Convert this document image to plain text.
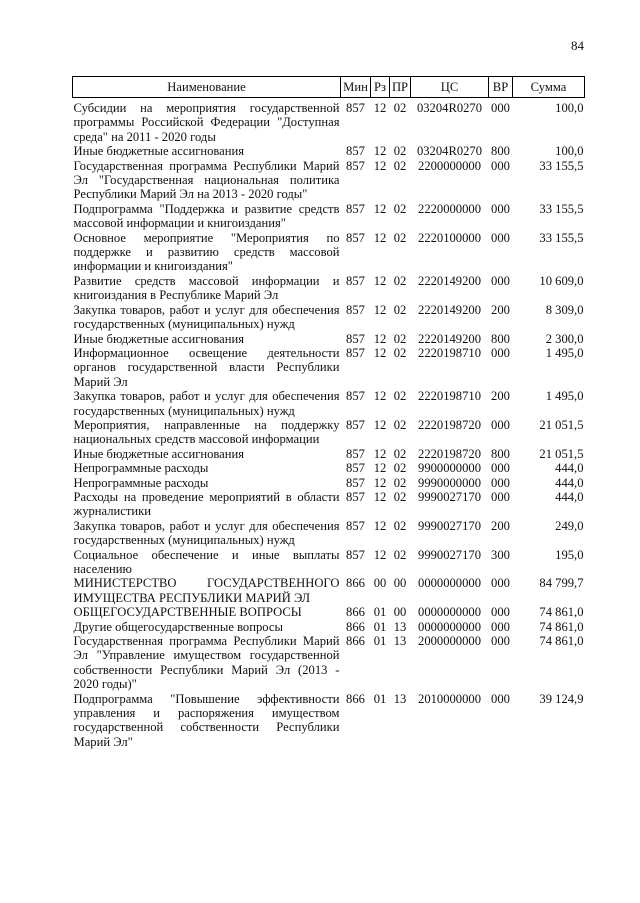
84
Наименование	Мин	Рз	ПР	ЦС	ВР	Сумма
Субсидии на мероприятия государственной программы Российской Федерации "Доступная среда" на 2011 - 2020 годы	857	12	02	03204R0270	000	100,0
Иные бюджетные ассигнования	857	12	02	03204R0270	800	100,0
Государственная программа Республики Марий Эл "Государственная национальная политика Республики Марий Эл на 2013 - 2020 годы"	857	12	02	2200000000	000	33 155,5
Подпрограмма "Поддержка и развитие средств массовой информации и книгоиздания"	857	12	02	2220000000	000	33 155,5
Основное мероприятие "Мероприятия по поддержке и развитию средств массовой информации и книгоиздания"	857	12	02	2220100000	000	33 155,5
Развитие средств массовой информации и книгоиздания в Республике Марий Эл	857	12	02	2220149200	000	10 609,0
Закупка товаров, работ и услуг для обеспечения государственных (муниципальных) нужд	857	12	02	2220149200	200	8 309,0
Иные бюджетные ассигнования	857	12	02	2220149200	800	2 300,0
Информационное освещение деятельности органов государственной власти Республики Марий Эл	857	12	02	2220198710	000	1 495,0
Закупка товаров, работ и услуг для обеспечения государственных (муниципальных) нужд	857	12	02	2220198710	200	1 495,0
Мероприятия, направленные на поддержку национальных средств массовой информации	857	12	02	2220198720	000	21 051,5
Иные бюджетные ассигнования	857	12	02	2220198720	800	21 051,5
Непрограммные расходы	857	12	02	9900000000	000	444,0
Непрограммные расходы	857	12	02	9990000000	000	444,0
Расходы на проведение мероприятий в области журналистики	857	12	02	9990027170	000	444,0
Закупка товаров, работ и услуг для обеспечения государственных (муниципальных) нужд	857	12	02	9990027170	200	249,0
Социальное обеспечение и иные выплаты населению	857	12	02	9990027170	300	195,0
МИНИСТЕРСТВО ГОСУДАРСТВЕННОГО ИМУЩЕСТВА РЕСПУБЛИКИ МАРИЙ ЭЛ	866	00	00	0000000000	000	84 799,7
ОБЩЕГОСУДАРСТВЕННЫЕ ВОПРОСЫ	866	01	00	0000000000	000	74 861,0
Другие общегосударственные вопросы	866	01	13	0000000000	000	74 861,0
Государственная программа Республики Марий Эл "Управление имуществом государственной собственности Республики Марий Эл (2013 - 2020 годы)"	866	01	13	2000000000	000	74 861,0
Подпрограмма "Повышение эффективности управления и распоряжения имуществом государственной собственности Республики Марий Эл"	866	01	13	2010000000	000	39 124,9
